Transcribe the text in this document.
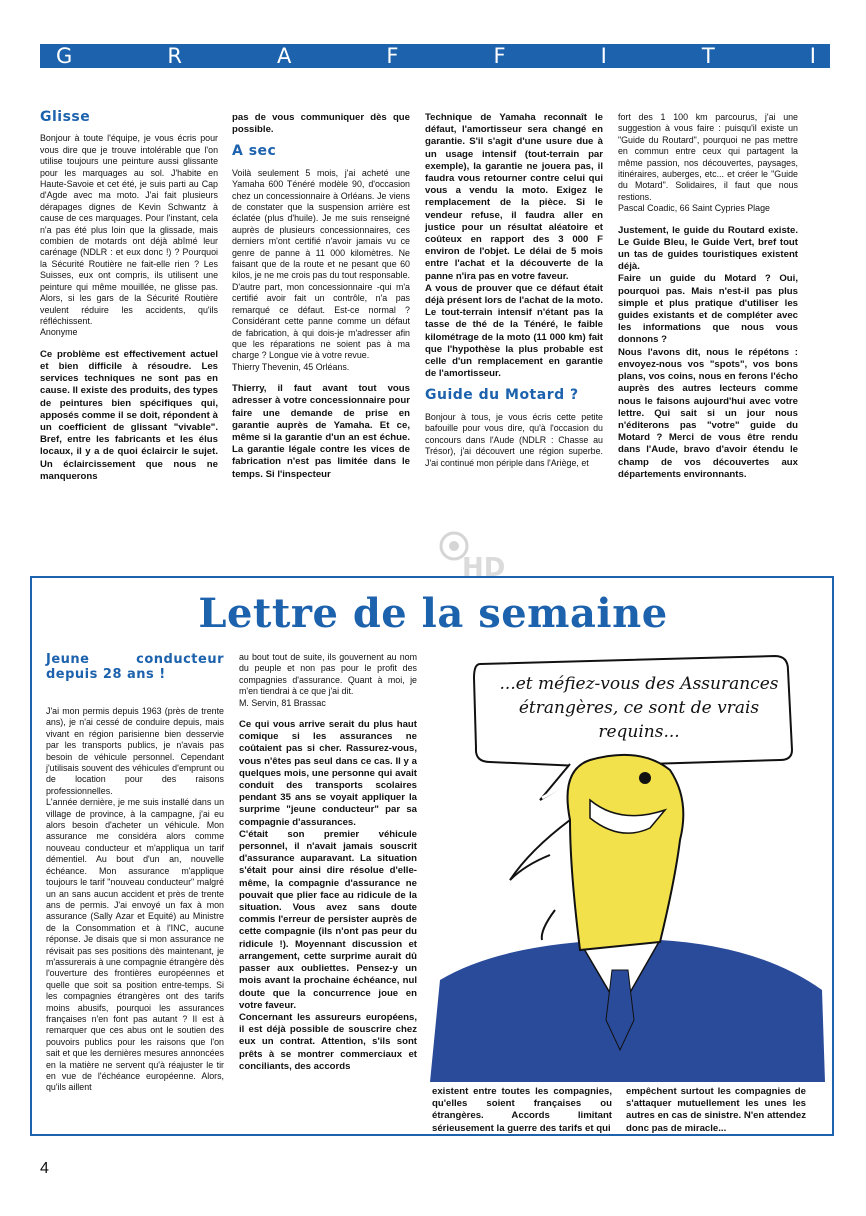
G	R	A	F	F	I	T	I
Glisse

Bonjour à toute l'équipe, je vous écris pour vous dire que je trouve intolérable que l'on utilise toujours une peinture aussi glissante pour les marquages au sol. J'habite en Haute-Savoie et cet été, je suis parti au Cap d'Agde avec ma moto. J'ai fait plusieurs dérapages dignes de Kevin Schwantz à cause de ces marquages. Pour l'instant, cela n'a pas été plus loin que la glissade, mais combien de motards ont déjà abîmé leur carénage (NDLR : et eux donc !) ? Pourquoi la Sécurité Routière ne fait-elle rien ? Les Suisses, eux ont compris, ils utilisent une peinture qui même mouillée, ne glisse pas. Alors, si les gars de la Sécurité Routière veulent réduire les accidents, qu'ils réfléchissent.

Anonyme

Ce problème est effectivement actuel et bien difficile à résoudre. Les services techniques ne sont pas en cause. Il existe des produits, des types de peintures bien spécifiques qui, apposés comme il se doit, répondent à un coefficient de glissant "vivable". Bref, entre les fabricants et les élus locaux, il y a de quoi éclaircir le sujet. Un éclaircissement que nous ne manquerons

pas de vous communiquer dès que possible.

A sec

Voilà seulement 5 mois, j'ai acheté une Yamaha 600 Ténéré modèle 90, d'occasion chez un concessionnaire à Orléans. Je viens de constater que la suspension arrière est éclatée (plus d'huile). Je me suis renseigné auprès de plusieurs concessionnaires, ces derniers m'ont certifié n'avoir jamais vu ce genre de panne à 11 000 kilomètres. Ne faisant que de la route et ne pesant que 60 kilos, je ne me crois pas du tout responsable. D'autre part, mon concessionnaire -qui m'a certifié avoir fait un contrôle, n'a pas remarqué ce défaut. Est-ce normal ? Considérant cette panne comme un défaut de fabrication, à qui dois-je m'adresser afin que les réparations ne soient pas à ma charge ? Longue vie à votre revue.

Thierry Thevenin, 45 Orléans.

Thierry, il faut avant tout vous adresser à votre concessionnaire pour faire une demande de prise en garantie auprès de Yamaha. Et ce, même si la garantie d'un an est échue. La garantie légale contre les vices de fabrication n'est pas limitée dans le temps. Si l'inspecteur

Technique de Yamaha reconnaît le défaut, l'amortisseur sera changé en garantie. S'il s'agit d'une usure due à un usage intensif (tout-terrain par exemple), la garantie ne jouera pas, il faudra vous retourner contre celui qui vous a vendu la moto. Exigez le remplacement de la pièce. Si le vendeur refuse, il faudra aller en justice pour un résultat aléatoire et coûteux en rapport des 3 000 F environ de l'objet. Le délai de 5 mois entre l'achat et la découverte de la panne n'ira pas en votre faveur.

A vous de prouver que ce défaut était déjà présent lors de l'achat de la moto. Le tout-terrain intensif n'étant pas la tasse de thé de la Ténéré, le faible kilométrage de la moto (11 000 km) fait que l'hypothèse la plus probable est celle d'un remplacement en garantie de l'amortisseur.

Guide du Motard ?

Bonjour à tous, je vous écris cette petite bafouille pour vous dire, qu'à l'occasion du concours dans l'Aude (NDLR : Chasse au Trésor), j'ai découvert une région superbe. J'ai continué mon périple dans l'Ariège, et

fort des 1 100 km parcourus, j'ai une suggestion à vous faire : puisqu'il existe un "Guide du Routard", pourquoi ne pas mettre en commun entre ceux qui partagent la même passion, nos découvertes, paysages, itinéraires, auberges, etc... et créer le "Guide du Motard". Solidaires, il faut que nous restions.

Pascal Coadic, 66 Saint Cypries Plage

Justement, le guide du Routard existe. Le Guide Bleu, le Guide Vert, bref tout un tas de guides touristiques existent déjà.

Faire un guide du Motard ? Oui, pourquoi pas. Mais n'est-il pas plus simple et plus pratique d'utiliser les guides existants et de compléter avec les informations que nous vous donnons ?

Nous l'avons dit, nous le répétons : envoyez-nous vos "spots", vos bons plans, vos coins, nous en ferons l'écho auprès des autres lecteurs comme nous le faisons aujourd'hui avec votre lettre. Qui sait si un jour nous n'éditerons pas "votre" guide du Motard ? Merci de vous être rendu dans l'Aude, bravo d'avoir étendu le champ de vos découvertes aux départements environnants.

HD
Lettre de la semaine
Jeune conducteur depuis 28 ans !

J'ai mon permis depuis 1963 (près de trente ans), je n'ai cessé de conduire depuis, mais vivant en région parisienne bien desservie par les transports publics, je n'avais pas besoin de véhicule personnel. Cependant j'utilisais souvent des véhicules d'emprunt ou de location pour des raisons professionnelles.

L'année dernière, je me suis installé dans un village de province, à la campagne, j'ai eu alors besoin d'acheter un véhicule. Mon assurance me considéra alors comme nouveau conducteur et m'appliqua un tarif démentiel. Au bout d'un an, nouvelle échéance. Mon assurance m'applique toujours le tarif "nouveau conducteur" malgré un an sans aucun accident et près de trente ans de permis. J'ai envoyé un fax à mon assurance (Sally Azar et Equité) au Ministre de la Consommation et à l'INC, aucune réponse. Je disais que si mon assurance ne révisait pas ses positions dès maintenant, je m'assurerais à une compagnie étrangère dès l'ouverture des frontières européennes et quelle que soit sa position entre-temps. Si les compagnies étrangères ont des tarifs moins abusifs, pourquoi les assurances françaises n'en font pas autant ? Il est à remarquer que ces abus ont le soutien des pouvoirs publics pour les raisons que l'on sait et que les dernières mesures annoncées en la matière ne servent qu'à réajuster le tir en vue de l'échéance européenne. Alors, qu'ils aillent

au bout tout de suite, ils gouvernent au nom du peuple et non pas pour le profit des compagnies d'assurance. Quant à moi, je m'en tiendrai à ce que j'ai dit.

M. Servin, 81 Brassac

Ce qui vous arrive serait du plus haut comique si les assurances ne coûtaient pas si cher. Rassurez-vous, vous n'êtes pas seul dans ce cas. Il y a quelques mois, une personne qui avait conduit des transports scolaires pendant 35 ans se voyait appliquer la surprime "jeune conducteur" par sa compagnie d'assurances.

C'était son premier véhicule personnel, il n'avait jamais souscrit d'assurance auparavant. La situation s'était pour ainsi dire résolue d'elle-même, la compagnie d'assurance ne pouvait que plier face au ridicule de la situation. Vous avez sans doute commis l'erreur de persister auprès de cette compagnie (ils n'ont pas peur du ridicule !). Moyennant discussion et arrangement, cette surprime aurait dû passer aux oubliettes. Pensez-y un mois avant la prochaine échéance, nul doute que la concurrence joue en votre faveur.

Concernant les assureurs européens, il est déjà possible de souscrire chez eux un contrat. Attention, s'ils sont prêts à se montrer commerciaux et conciliants, des accords

...et méfiez-vous des Assurances étrangères, ce sont de vrais requins...

existent entre toutes les compagnies, qu'elles soient françaises ou étrangères. Accords limitant sérieusement la guerre des tarifs et qui

empêchent surtout les compagnies de s'attaquer mutuellement les unes les autres en cas de sinistre. N'en attendez donc pas de miracle...

4
